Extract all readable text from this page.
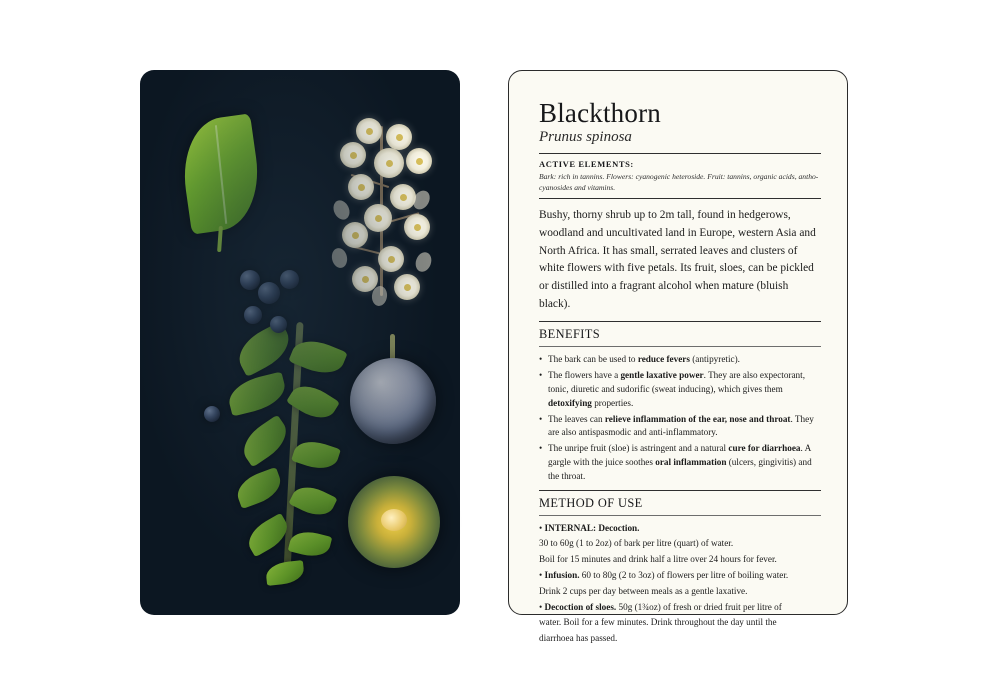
Blackthorn
Prunus spinosa
ACTIVE ELEMENTS:
Bark: rich in tannins. Flowers: cyanogenic heteroside. Fruit: tannins, organic acids, antho-cyanosides and vitamins.

Bushy, thorny shrub up to 2m tall, found in hedgerows, woodland and uncultivated land in Europe, western Asia and North Africa. It has small, serrated leaves and clusters of white flowers with five petals. Its fruit, sloes, can be pickled or distilled into a fragrant alcohol when mature (bluish black).

BENEFITS
• The bark can be used to reduce fevers (antipyretic).
• The flowers have a gentle laxative power. They are also expectorant, tonic, diuretic and sudorific (sweat inducing), which gives them detoxifying properties.
• The leaves can relieve inflammation of the ear, nose and throat. They are also antispasmodic and anti-inflammatory.
• The unripe fruit (sloe) is astringent and a natural cure for diarrhoea. A gargle with the juice soothes oral inflammation (ulcers, gingivitis) and the throat.
METHOD OF USE

• INTERNAL: Decoction.

30 to 60g (1 to 2oz) of bark per litre (quart) of water.

Boil for 15 minutes and drink half a litre over 24 hours for fever.

• Infusion. 60 to 80g (2 to 3oz) of flowers per litre of boiling water.

Drink 2 cups per day between meals as a gentle laxative.

• Decoction of sloes. 50g (1¾oz) of fresh or dried fruit per litre of

water. Boil for a few minutes. Drink throughout the day until the

diarrhoea has passed.
